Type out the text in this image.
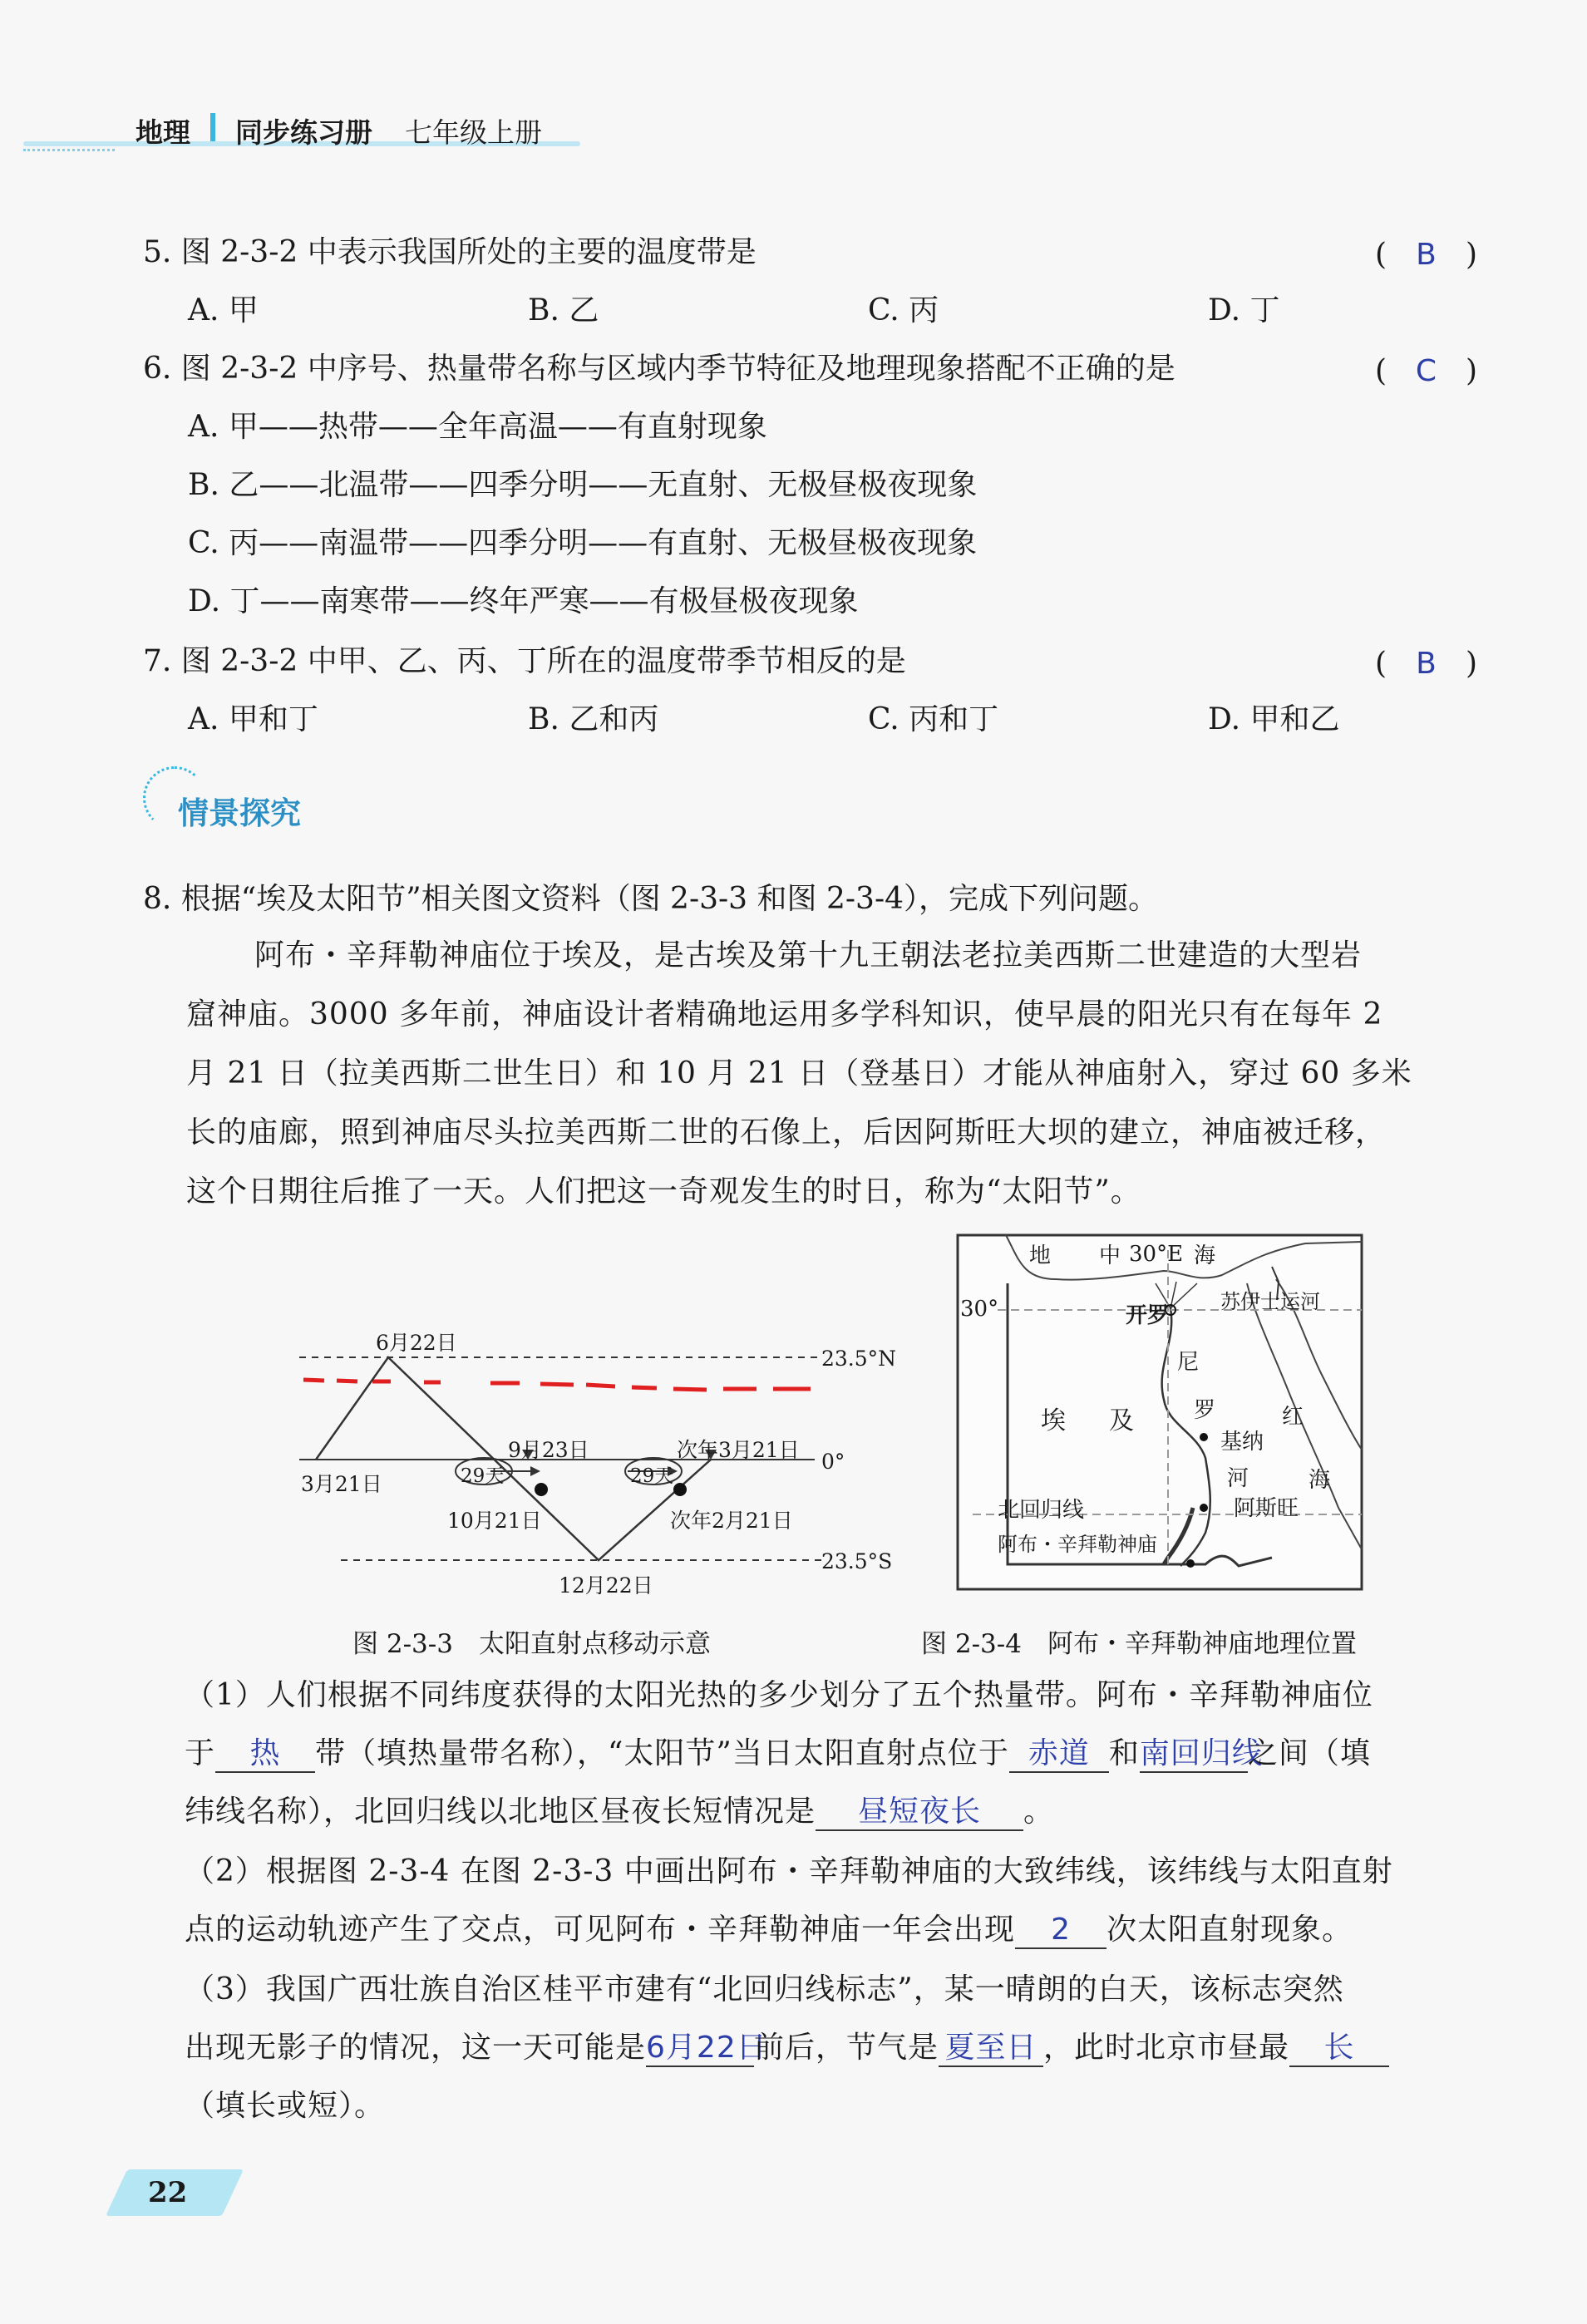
地理 同步练习册 七年级上册
5. 图 2-3-2 中表示我国所处的主要的温度带是	( B )
A. 甲	B. 乙	C. 丙	D. 丁
6. 图 2-3-2 中序号、热量带名称与区域内季节特征及地理现象搭配不正确的是	( C )
A. 甲——热带——全年高温——有直射现象
B. 乙——北温带——四季分明——无直射、无极昼极夜现象
C. 丙——南温带——四季分明——有直射、无极昼极夜现象
D. 丁——南寒带——终年严寒——有极昼极夜现象
7. 图 2-3-2 中甲、乙、丙、丁所在的温度带季节相反的是	( B )
A. 甲和丁	B. 乙和丙	C. 丙和丁	D. 甲和乙
情景探究
8. 根据“埃及太阳节”相关图文资料（图 2-3-3 和图 2-3-4），完成下列问题。
阿布・辛拜勒神庙位于埃及，是古埃及第十九王朝法老拉美西斯二世建造的大型岩
窟神庙。3000 多年前，神庙设计者精确地运用多学科知识，使早晨的阳光只有在每年 2
月 21 日（拉美西斯二世生日）和 10 月 21 日（登基日）才能从神庙射入，穿过 60 多米
长的庙廊，照到神庙尽头拉美西斯二世的石像上，后因阿斯旺大坝的建立，神庙被迁移，
这个日期往后推了一天。人们把这一奇观发生的时日，称为“太阳节”。
6月22日
23.5°N
9月23日	次年3月21日 0°
3月21日	29天	29天
10月21日	次年2月21日
23.5°S
12月22日
图 2-3-3　太阳直射点移动示意
地 中 30°E 海
苏伊士运河
30°	开罗
埃 及
尼
罗
河
基纳
红
海
阿斯旺
北回归线
阿布・辛拜勒神庙
图 2-3-4　阿布・辛拜勒神庙地理位置
（1）人们根据不同纬度获得的太阳光热的多少划分了五个热量带。阿布・辛拜勒神庙位
于 热 带（填热量带名称），“太阳节”当日太阳直射点位于 赤道 和南回归线之间（填
纬线名称），北回归线以北地区昼夜长短情况是 昼短夜长 。
（2）根据图 2-3-4 在图 2-3-3 中画出阿布・辛拜勒神庙的大致纬线，该纬线与太阳直射
点的运动轨迹产生了交点，可见阿布・辛拜勒神庙一年会出现 2 次太阳直射现象。
（3）我国广西壮族自治区桂平市建有“北回归线标志”，某一晴朗的白天，该标志突然
出现无影子的情况，这一天可能是6月22日前后，节气是 夏至日 ，此时北京市昼最 长
（填长或短）。
22
